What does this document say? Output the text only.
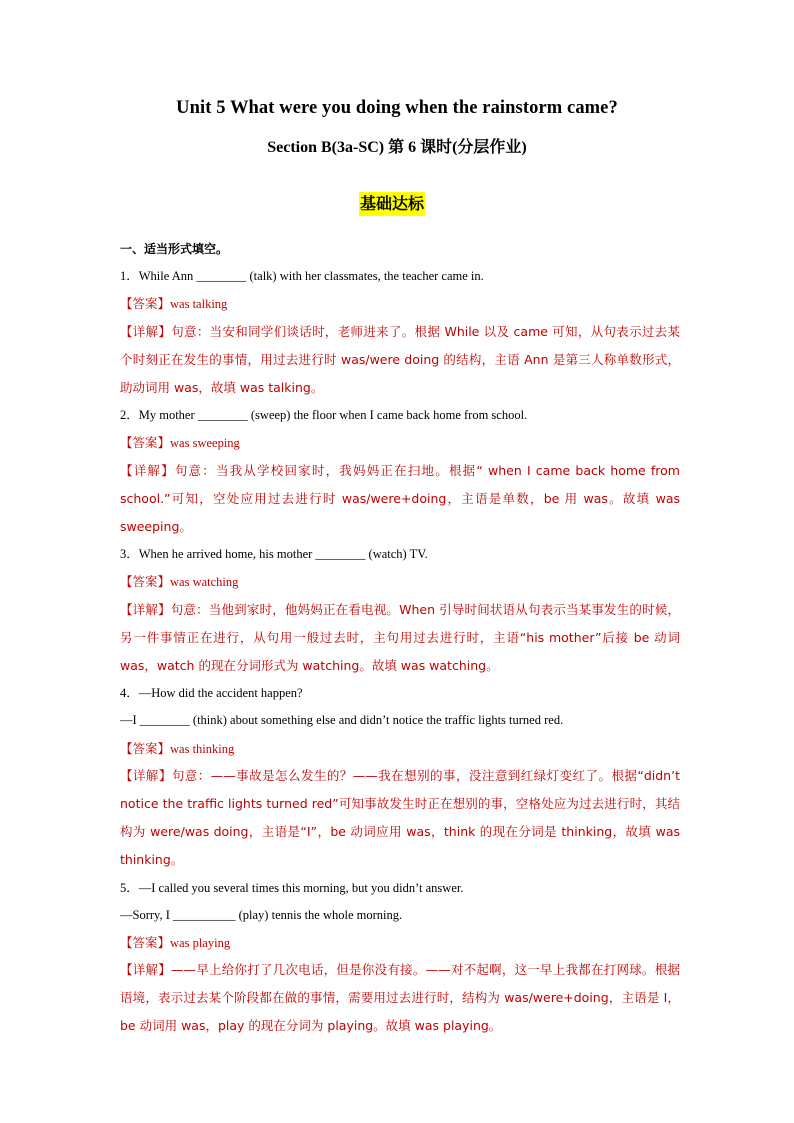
Unit 5 What were you doing when the rainstorm came?
Section B(3a-SC) 第 6 课时(分层作业)
基础达标
一、适当形式填空。
1．While Ann ________ (talk) with her classmates, the teacher came in.
【答案】was talking
【详解】句意：当安和同学们谈话时，老师进来了。根据 While 以及 came 可知，从句表示过去某个时刻正在发生的事情，用过去进行时 was/were doing 的结构，主语 Ann 是第三人称单数形式，助动词用 was，故填 was talking。
2．My mother ________ (sweep) the floor when I came back home from school.
【答案】was sweeping
【详解】句意：当我从学校回家时，我妈妈正在扫地。根据“ when I came back home from school.”可知，空处应用过去进行时 was/were+doing，主语是单数，be 用 was。故填 was sweeping。
3．When he arrived home, his mother ________ (watch) TV.
【答案】was watching
【详解】句意：当他到家时，他妈妈正在看电视。When 引导时间状语从句表示当某事发生的时候，另一件事情正在进行，从句用一般过去时，主句用过去进行时，主语“his mother”后接 be 动词 was，watch 的现在分词形式为 watching。故填 was watching。
4．—How did the accident happen?
—I ________ (think) about something else and didn’t notice the traffic lights turned red.
【答案】was thinking
【详解】句意：——事故是怎么发生的？——我在想别的事，没注意到红绿灯变红了。根据“didn’t notice the traffic lights turned red”可知事故发生时正在想别的事，空格处应为过去进行时，其结构为 were/was doing，主语是“I”，be 动词应用 was，think 的现在分词是 thinking，故填 was thinking。
5．—I called you several times this morning, but you didn’t answer.
—Sorry, I __________ (play) tennis the whole morning.
【答案】was playing
【详解】——早上给你打了几次电话，但是你没有接。——对不起啊，这一早上我都在打网球。根据语境，表示过去某个阶段都在做的事情，需要用过去进行时，结构为 was/were+doing，主语是 I，be 动词用 was，play 的现在分词为 playing。故填 was playing。
